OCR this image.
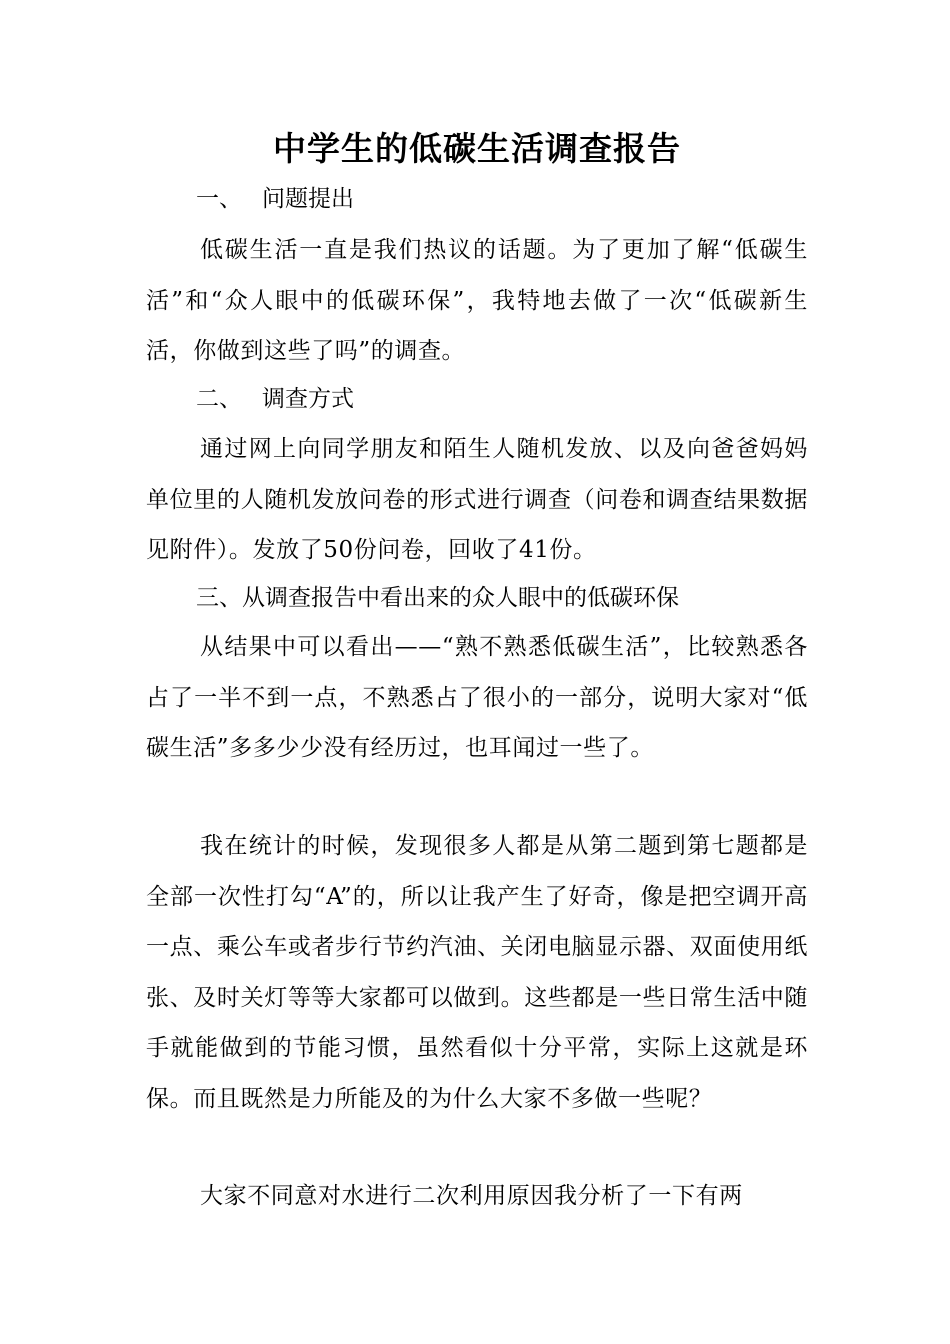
中学生的低碳生活调查报告

一、 问题提出

低碳生活一直是我们热议的话题。为了更加了解“低碳生活”和“众人眼中的低碳环保”，我特地去做了一次“低碳新生活，你做到这些了吗”的调查。

二、 调查方式

通过网上向同学朋友和陌生人随机发放、以及向爸爸妈妈单位里的人随机发放问卷的形式进行调查（问卷和调查结果数据见附件）。发放了50份问卷，回收了41份。

三、从调查报告中看出来的众人眼中的低碳环保

从结果中可以看出——“熟不熟悉低碳生活”，比较熟悉各占了一半不到一点，不熟悉占了很小的一部分，说明大家对“低碳生活”多多少少没有经历过，也耳闻过一些了。

我在统计的时候，发现很多人都是从第二题到第七题都是全部一次性打勾“A”的，所以让我产生了好奇，像是把空调开高一点、乘公车或者步行节约汽油、关闭电脑显示器、双面使用纸张、及时关灯等等大家都可以做到。这些都是一些日常生活中随手就能做到的节能习惯，虽然看似十分平常，实际上这就是环保。而且既然是力所能及的为什么大家不多做一些呢？

大家不同意对水进行二次利用原因我分析了一下有两
